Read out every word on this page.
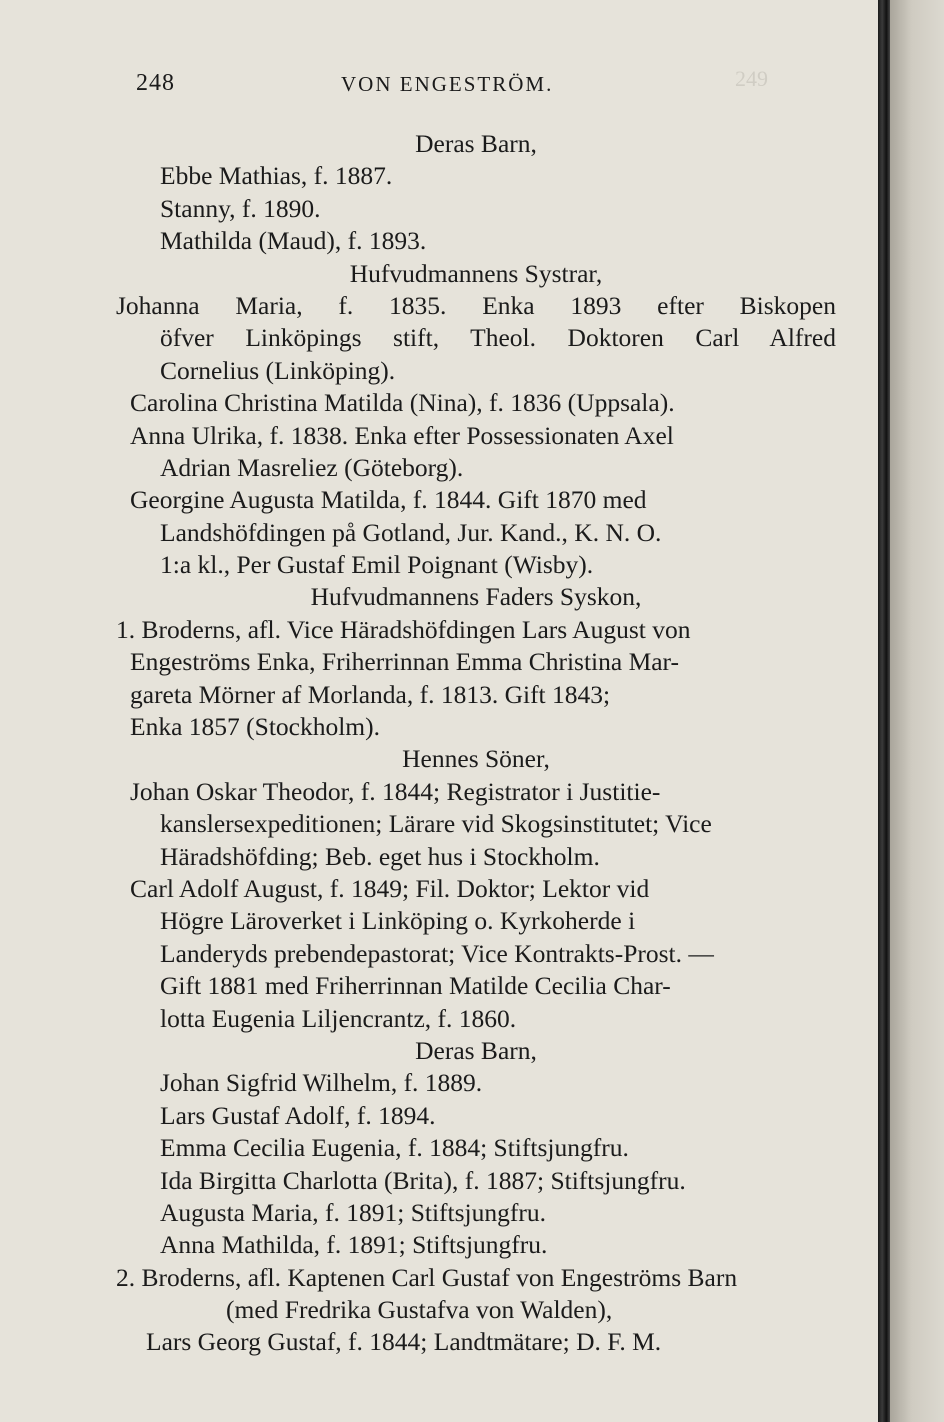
249
248	VON ENGESTRÖM.
Deras Barn,
Ebbe Mathias, f. 1887.
Stanny, f. 1890.
Mathilda (Maud), f. 1893.
Hufvudmannens Systrar,
Johanna Maria, f. 1835. Enka 1893 efter Biskopen
öfver Linköpings stift, Theol. Doktoren Carl Alfred
Cornelius (Linköping).
Carolina Christina Matilda (Nina), f. 1836 (Uppsala).
Anna Ulrika, f. 1838. Enka efter Possessionaten Axel
Adrian Masreliez (Göteborg).
Georgine Augusta Matilda, f. 1844. Gift 1870 med
Landshöfdingen på Gotland, Jur. Kand., K. N. O.
1:a kl., Per Gustaf Emil Poignant (Wisby).
Hufvudmannens Faders Syskon,
1. Broderns, afl. Vice Häradshöfdingen Lars August von
Engeströms Enka, Friherrinnan Emma Christina Mar-
gareta Mörner af Morlanda, f. 1813. Gift 1843;
Enka 1857 (Stockholm).
Hennes Söner,
Johan Oskar Theodor, f. 1844; Registrator i Justitie-
kanslersexpeditionen; Lärare vid Skogsinstitutet; Vice
Häradshöfding; Beb. eget hus i Stockholm.
Carl Adolf August, f. 1849; Fil. Doktor; Lektor vid
Högre Läroverket i Linköping o. Kyrkoherde i
Landeryds prebendepastorat; Vice Kontrakts-Prost. —
Gift 1881 med Friherrinnan Matilde Cecilia Char-
lotta Eugenia Liljencrantz, f. 1860.
Deras Barn,
Johan Sigfrid Wilhelm, f. 1889.
Lars Gustaf Adolf, f. 1894.
Emma Cecilia Eugenia, f. 1884; Stiftsjungfru.
Ida Birgitta Charlotta (Brita), f. 1887; Stiftsjungfru.
Augusta Maria, f. 1891; Stiftsjungfru.
Anna Mathilda, f. 1891; Stiftsjungfru.
2. Broderns, afl. Kaptenen Carl Gustaf von Engeströms Barn
(med Fredrika Gustafva von Walden),
Lars Georg Gustaf, f. 1844; Landtmätare; D. F. M.
